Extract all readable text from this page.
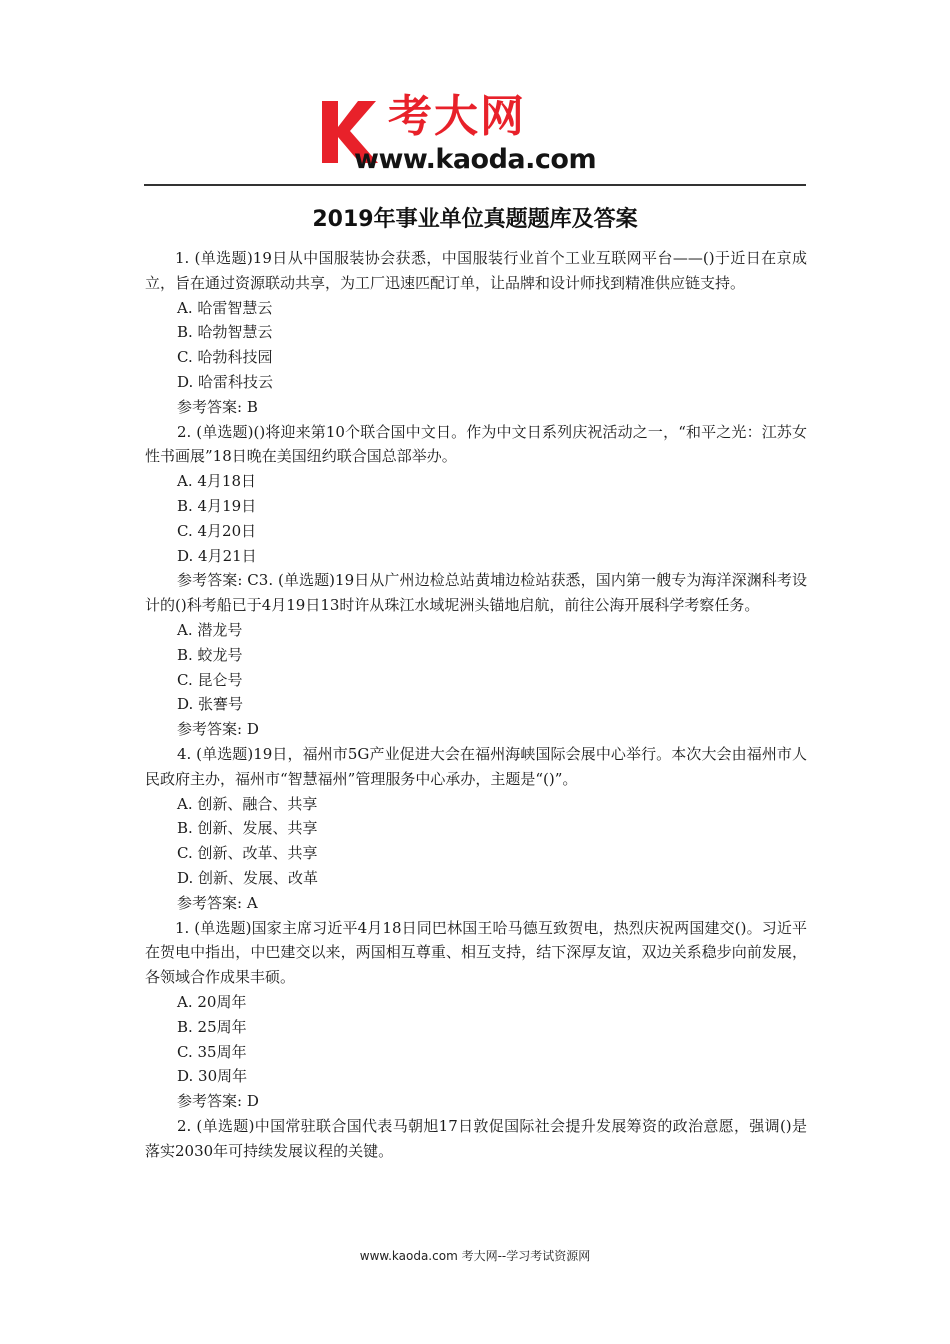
考大网
www.kaoda.com
2019年事业单位真题题库及答案

1. (单选题)19日从中国服装协会获悉，中国服装行业首个工业互联网平台——()于近日在京成立，旨在通过资源联动共享，为工厂迅速匹配订单，让品牌和设计师找到精准供应链支持。

A. 哈雷智慧云

B. 哈勃智慧云

C. 哈勃科技园

D. 哈雷科技云

参考答案: B

2. (单选题)()将迎来第10个联合国中文日。作为中文日系列庆祝活动之一，“和平之光：江苏女性书画展”18日晚在美国纽约联合国总部举办。

A. 4月18日

B. 4月19日

C. 4月20日

D. 4月21日

参考答案: C3. (单选题)19日从广州边检总站黄埔边检站获悉，国内第一艘专为海洋深渊科考设计的()科考船已于4月19日13时许从珠江水域坭洲头锚地启航，前往公海开展科学考察任务。

A. 潜龙号

B. 蛟龙号

C. 昆仑号

D. 张謇号

参考答案: D

4. (单选题)19日，福州市5G产业促进大会在福州海峡国际会展中心举行。本次大会由福州市人民政府主办，福州市“智慧福州”管理服务中心承办，主题是“()”。

A. 创新、融合、共享

B. 创新、发展、共享

C. 创新、改革、共享

D. 创新、发展、改革

参考答案: A

1. (单选题)国家主席习近平4月18日同巴林国王哈马德互致贺电，热烈庆祝两国建交()。习近平在贺电中指出，中巴建交以来，两国相互尊重、相互支持，结下深厚友谊，双边关系稳步向前发展，各领域合作成果丰硕。

A. 20周年

B. 25周年

C. 35周年

D. 30周年

参考答案: D

2. (单选题)中国常驻联合国代表马朝旭17日敦促国际社会提升发展筹资的政治意愿，强调()是落实2030年可持续发展议程的关键。

www.kaoda.com 考大网--学习考试资源网
